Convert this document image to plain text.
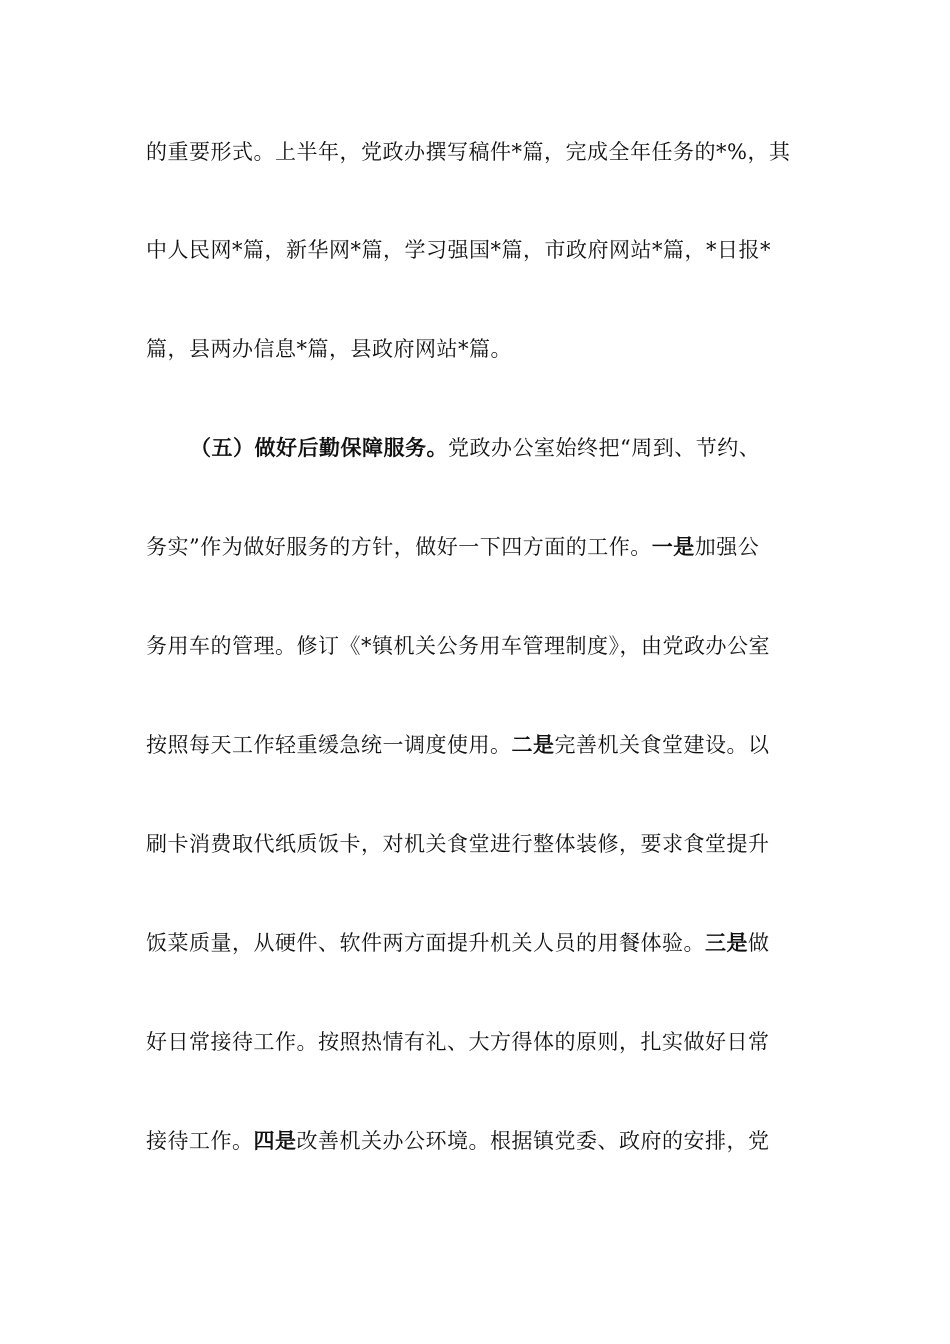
的重要形式。上半年，党政办撰写稿件*篇，完成全年任务的*%，其
中人民网*篇，新华网*篇，学习强国*篇，市政府网站*篇，*日报*
篇，县两办信息*篇，县政府网站*篇。
（五）做好后勤保障服务。党政办公室始终把“周到、节约、
务实”作为做好服务的方针，做好一下四方面的工作。一是加强公
务用车的管理。修订《*镇机关公务用车管理制度》，由党政办公室
按照每天工作轻重缓急统一调度使用。二是完善机关食堂建设。以
刷卡消费取代纸质饭卡，对机关食堂进行整体装修，要求食堂提升
饭菜质量，从硬件、软件两方面提升机关人员的用餐体验。三是做
好日常接待工作。按照热情有礼、大方得体的原则，扎实做好日常
接待工作。四是改善机关办公环境。根据镇党委、政府的安排，党
